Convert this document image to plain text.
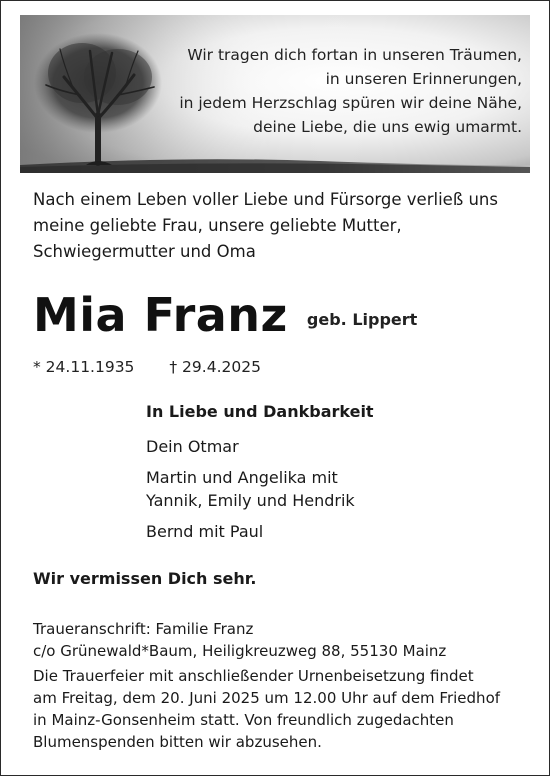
Wir tragen dich fortan in unseren Träumen,
in unseren Erinnerungen,
in jedem Herzschlag spüren wir deine Nähe,
deine Liebe, die uns ewig umarmt.
Nach einem Leben voller Liebe und Fürsorge verließ uns
meine geliebte Frau, unsere geliebte Mutter,
Schwiegermutter und Oma
Mia Franz geb. Lippert
* 24.11.1935 † 29.4.2025
In Liebe und Dankbarkeit
Dein Otmar
Martin und Angelika mit
Yannik, Emily und Hendrik
Bernd mit Paul
Wir vermissen Dich sehr.
Traueranschrift: Familie Franz
c/o Grünewald*Baum, Heiligkreuzweg 88, 55130 Mainz
Die Trauerfeier mit anschließender Urnenbeisetzung findet
am Freitag, dem 20. Juni 2025 um 12.00 Uhr auf dem Friedhof
in Mainz-Gonsenheim statt. Von freundlich zugedachten
Blumenspenden bitten wir abzusehen.
